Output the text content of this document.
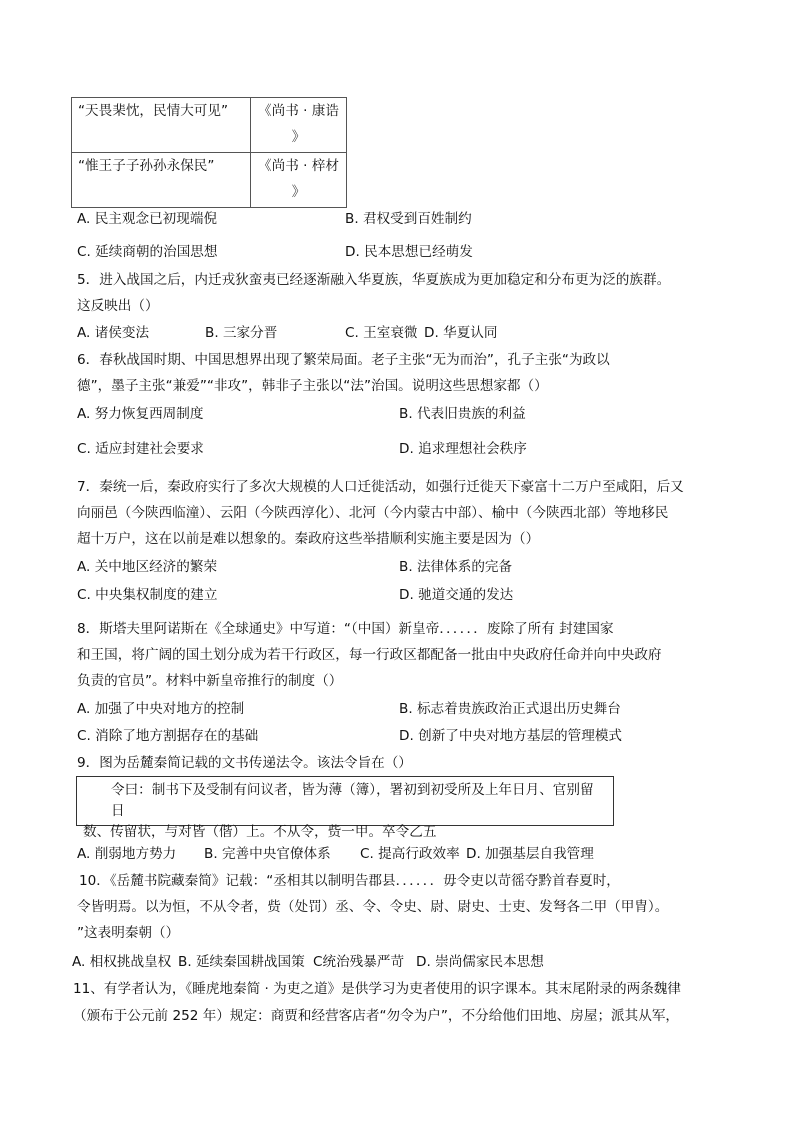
“天畏棐忱，民情大可见”	《尚书 · 康诰
》

“惟王子子孙孙永保民”	《尚书 · 梓材
》
A. 民主观念已初现端倪	B. 君权受到百姓制约
C. 延续商朝的治国思想	D. 民本思想已经萌发
5．进入战国之后，内迁戎狄蛮夷已经逐渐融入华夏族，华夏族成为更加稳定和分布更为泛的族群。
这反映出（）
A. 诸侯变法	B. 三家分晋	C. 王室衰微 D. 华夏认同
6．春秋战国时期、中国思想界出现了繁荣局面。老子主张“无为而治”，孔子主张“为政以
德”，墨子主张“兼爱”“非攻”，韩非子主张以“法”治国。说明这些思想家都（）
A. 努力恢复西周制度	B. 代表旧贵族的利益
C. 适应封建社会要求	D. 追求理想社会秩序
7．秦统一后，秦政府实行了多次大规模的人口迁徙活动，如强行迁徙天下豪富十二万户至咸阳，后又
向丽邑（今陕西临潼）、云阳（今陕西淳化）、北河（今内蒙古中部）、榆中（今陕西北部）等地移民
超十万户，这在以前是难以想象的。秦政府这些举措顺利实施主要是因为（）
A. 关中地区经济的繁荣	B. 法律体系的完备
C. 中央集权制度的建立	D. 驰道交通的发达
8．斯塔夫里阿诺斯在《全球通史》中写道：“（中国）新皇帝．．．．．．废除了所有 封建国家
和王国，将广阔的国土划分成为若干行政区，每一行政区都配备一批由中央政府任命并向中央政府
负责的官员”。材料中新皇帝推行的制度（）
A. 加强了中央对地方的控制	B. 标志着贵族政治正式退出历史舞台
C. 消除了地方割据存在的基础	D. 创新了中央对地方基层的管理模式
9．图为岳麓秦简记载的文书传递法令。该法令旨在（）
令曰：制书下及受制有问议者，皆为薄（簿），署初到初受所及上年日月、官别留日
数、传留状，与对皆（偕）上。不从令，赀一甲。卒令乙五
A. 削弱地方势力 B. 完善中央官僚体系 C. 提高行政效率 D. 加强基层自我管理
10．《岳麓书院藏秦简》记载：“丞相其以制明告郡县．．．．．．毋令吏以苛徭夺黔首春夏时，
令皆明焉。以为恒，不从令者，赀（处罚）丞、令、令史、尉、尉史、士吏、发弩各二甲（甲胄）。
”这表明秦朝（）
A. 相权挑战皇权 B. 延续秦国耕战国策 C统治残暴严苛 D. 崇尚儒家民本思想
11、有学者认为，《睡虎地秦简 · 为吏之道》是供学习为吏者使用的识字课本。其末尾附录的两条魏律
（颁布于公元前 252 年）规定：商贾和经营客店者“勿令为户”，不分给他们田地、房屋；派其从军，
